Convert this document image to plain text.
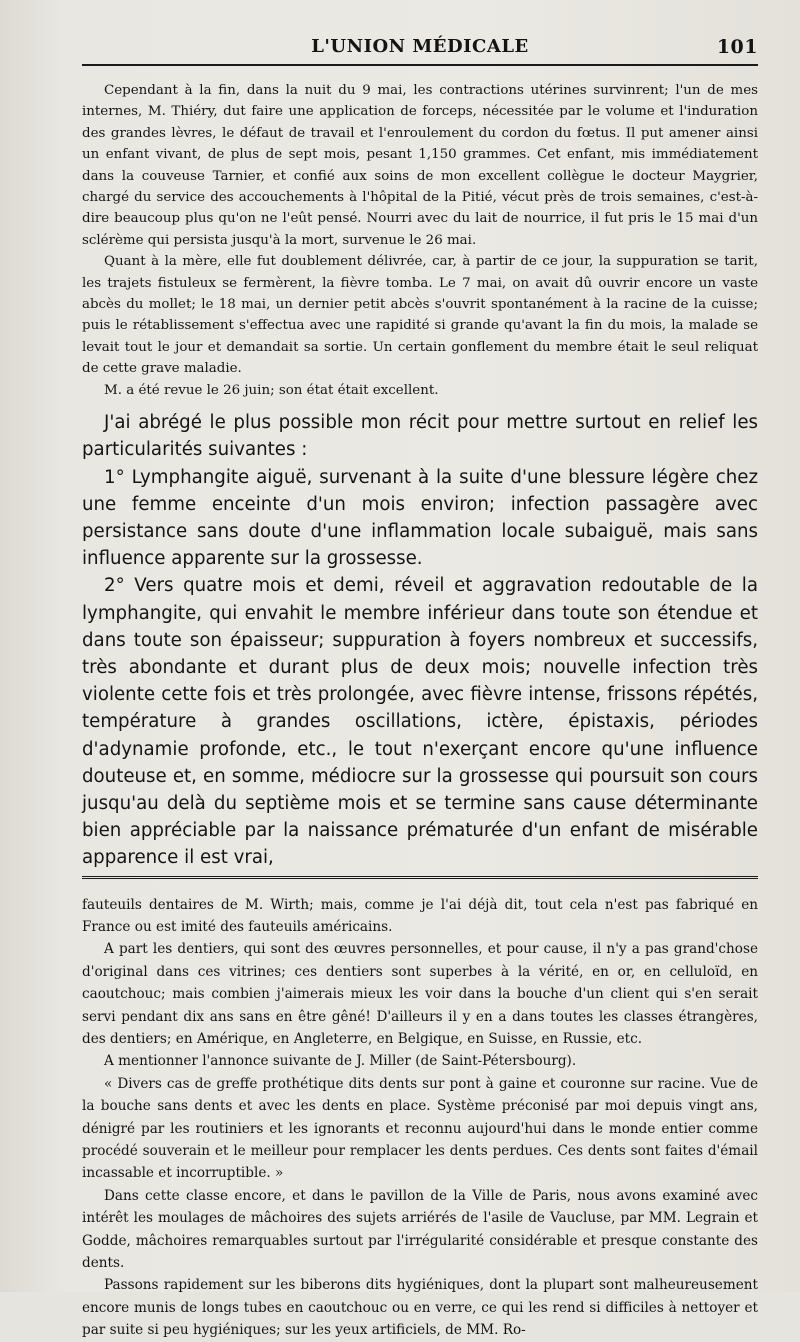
L'UNION MÉDICALE	101

Cependant à la fin, dans la nuit du 9 mai, les contractions utérines survinrent; l'un de mes internes, M. Thiéry, dut faire une application de forceps, nécessitée par le volume et l'induration des grandes lèvres, le défaut de travail et l'enroulement du cordon du fœtus. Il put amener ainsi un enfant vivant, de plus de sept mois, pesant 1,150 grammes. Cet enfant, mis immédiatement dans la couveuse Tarnier, et confié aux soins de mon excellent collègue le docteur Maygrier, chargé du service des accouchements à l'hôpital de la Pitié, vécut près de trois semaines, c'est-à-dire beaucoup plus qu'on ne l'eût pensé. Nourri avec du lait de nourrice, il fut pris le 15 mai d'un sclérème qui persista jusqu'à la mort, survenue le 26 mai.

Quant à la mère, elle fut doublement délivrée, car, à partir de ce jour, la suppuration se tarit, les trajets fistuleux se fermèrent, la fièvre tomba. Le 7 mai, on avait dû ouvrir encore un vaste abcès du mollet; le 18 mai, un dernier petit abcès s'ouvrit spontanément à la racine de la cuisse; puis le rétablissement s'effectua avec une rapidité si grande qu'avant la fin du mois, la malade se levait tout le jour et demandait sa sortie. Un certain gonflement du membre était le seul reliquat de cette grave maladie.

M. a été revue le 26 juin; son état était excellent.

J'ai abrégé le plus possible mon récit pour mettre surtout en relief les particularités suivantes :

1° Lymphangite aiguë, survenant à la suite d'une blessure légère chez une femme enceinte d'un mois environ; infection passagère avec persistance sans doute d'une inflammation locale subaiguë, mais sans influence apparente sur la grossesse.

2° Vers quatre mois et demi, réveil et aggravation redoutable de la lymphangite, qui envahit le membre inférieur dans toute son étendue et dans toute son épaisseur; suppuration à foyers nombreux et successifs, très abondante et durant plus de deux mois; nouvelle infection très violente cette fois et très prolongée, avec fièvre intense, frissons répétés, température à grandes oscillations, ictère, épistaxis, périodes d'adynamie profonde, etc., le tout n'exerçant encore qu'une influence douteuse et, en somme, médiocre sur la grossesse qui poursuit son cours jusqu'au delà du septième mois et se termine sans cause déterminante bien appréciable par la naissance prématurée d'un enfant de misérable apparence il est vrai,

fauteuils dentaires de M. Wirth; mais, comme je l'ai déjà dit, tout cela n'est pas fabriqué en France ou est imité des fauteuils américains.

A part les dentiers, qui sont des œuvres personnelles, et pour cause, il n'y a pas grand'chose d'original dans ces vitrines; ces dentiers sont superbes à la vérité, en or, en celluloïd, en caoutchouc; mais combien j'aimerais mieux les voir dans la bouche d'un client qui s'en serait servi pendant dix ans sans en être gêné! D'ailleurs il y en a dans toutes les classes étrangères, des dentiers; en Amérique, en Angleterre, en Belgique, en Suisse, en Russie, etc.

A mentionner l'annonce suivante de J. Miller (de Saint-Pétersbourg).

« Divers cas de greffe prothétique dits dents sur pont à gaine et couronne sur racine. Vue de la bouche sans dents et avec les dents en place. Système préconisé par moi depuis vingt ans, dénigré par les routiniers et les ignorants et reconnu aujourd'hui dans le monde entier comme procédé souverain et le meilleur pour remplacer les dents perdues. Ces dents sont faites d'émail incassable et incorruptible. »

Dans cette classe encore, et dans le pavillon de la Ville de Paris, nous avons examiné avec intérêt les moulages de mâchoires des sujets arriérés de l'asile de Vaucluse, par MM. Legrain et Godde, mâchoires remarquables surtout par l'irrégularité considérable et presque constante des dents.

Passons rapidement sur les biberons dits hygiéniques, dont la plupart sont malheureusement encore munis de longs tubes en caoutchouc ou en verre, ce qui les rend si difficiles à nettoyer et par suite si peu hygiéniques; sur les yeux artificiels, de MM. Ro-
